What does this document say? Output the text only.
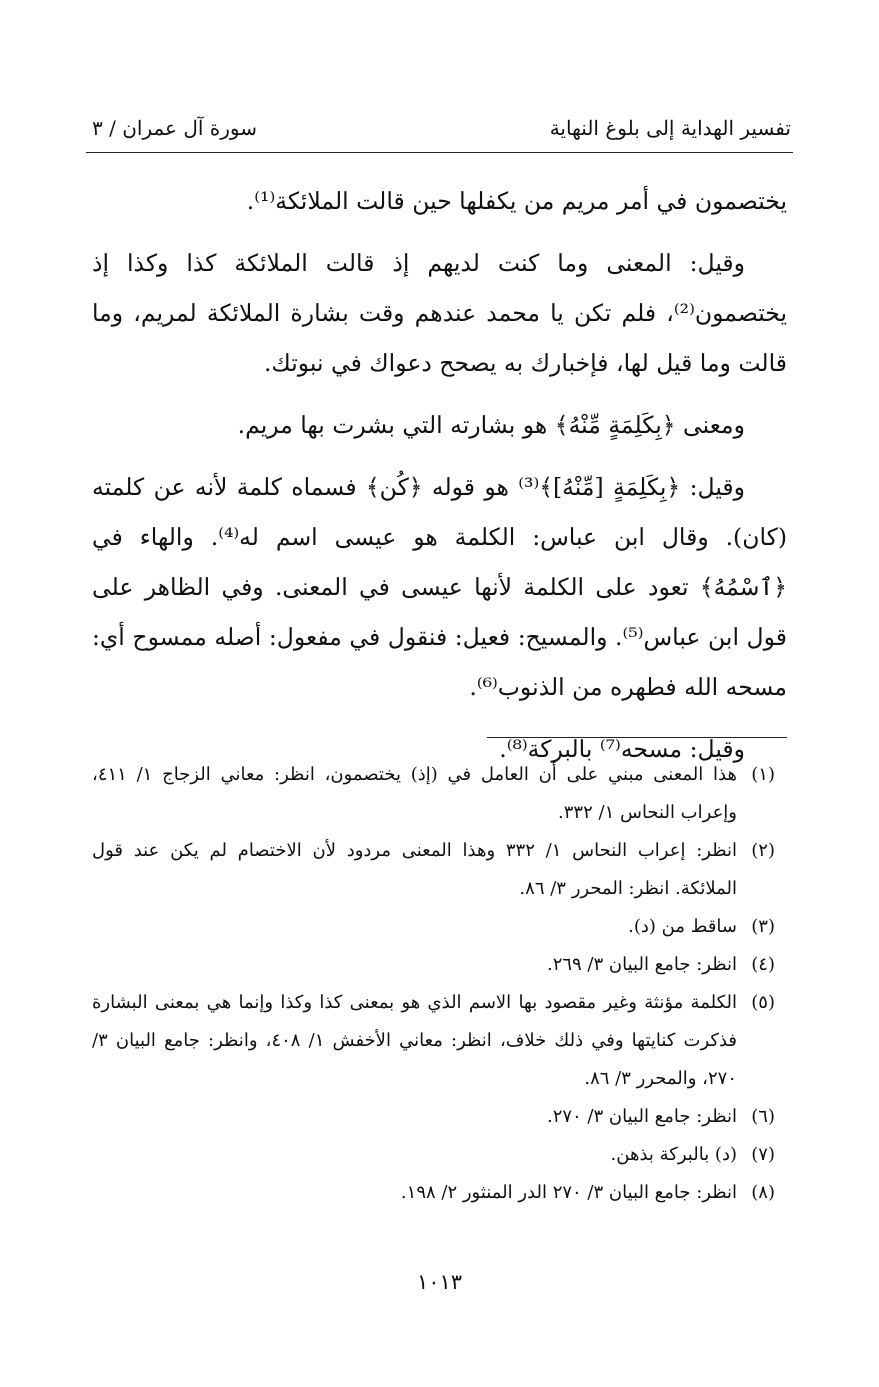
تفسير الهداية إلى بلوغ النهاية
سورة آل عمران / ٣

يختصمون في أمر مريم من يكفلها حين قالت الملائكة⁽¹⁾.

وقيل: المعنى وما كنت لديهم إذ قالت الملائكة كذا وكذا إذ يختصمون⁽²⁾، فلم تكن يا محمد عندهم وقت بشارة الملائكة لمريم، وما قالت وما قيل لها، فإخبارك به يصحح دعواك في نبوتك.

ومعنى ﴿بِكَلِمَةٍ مِّنْهُ﴾ هو بشارته التي بشرت بها مريم.

وقيل: ﴿بِكَلِمَةٍ [مِّنْهُ]﴾⁽³⁾ هو قوله ﴿كُن﴾ فسماه كلمة لأنه عن كلمته (كان). وقال ابن عباس: الكلمة هو عيسى اسم له⁽⁴⁾. والهاء في ﴿ٱسْمُهُ﴾ تعود على الكلمة لأنها عيسى في المعنى. وفي الظاهر على قول ابن عباس⁽⁵⁾. والمسيح: فعيل: فنقول في مفعول: أصله ممسوح أي: مسحه الله فطهره من الذنوب⁽⁶⁾.

وقيل: مسحه⁽⁷⁾ بالبركة⁽⁸⁾.

(١)
هذا المعنى مبني على أن العامل في (إذ) يختصمون، انظر: معاني الزجاج ١/ ٤١١، وإعراب النحاس ١/ ٣٣٢.
(٢)
انظر: إعراب النحاس ١/ ٣٣٢ وهذا المعنى مردود لأن الاختصام لم يكن عند قول الملائكة. انظر: المحرر ٣/ ٨٦.
(٣)
ساقط من (د).
(٤)
انظر: جامع البيان ٣/ ٢٦٩.
(٥)
الكلمة مؤنثة وغير مقصود بها الاسم الذي هو بمعنى كذا وكذا وإنما هي بمعنى البشارة فذكرت كنايتها وفي ذلك خلاف، انظر: معاني الأخفش ١/ ٤٠٨، وانظر: جامع البيان ٣/ ٢٧٠، والمحرر ٣/ ٨٦.
(٦)
انظر: جامع البيان ٣/ ٢٧٠.
(٧)
(د) بالبركة بذهن.
(٨)
انظر: جامع البيان ٣/ ٢٧٠ الدر المنثور ٢/ ١٩٨.
١٠١٣
